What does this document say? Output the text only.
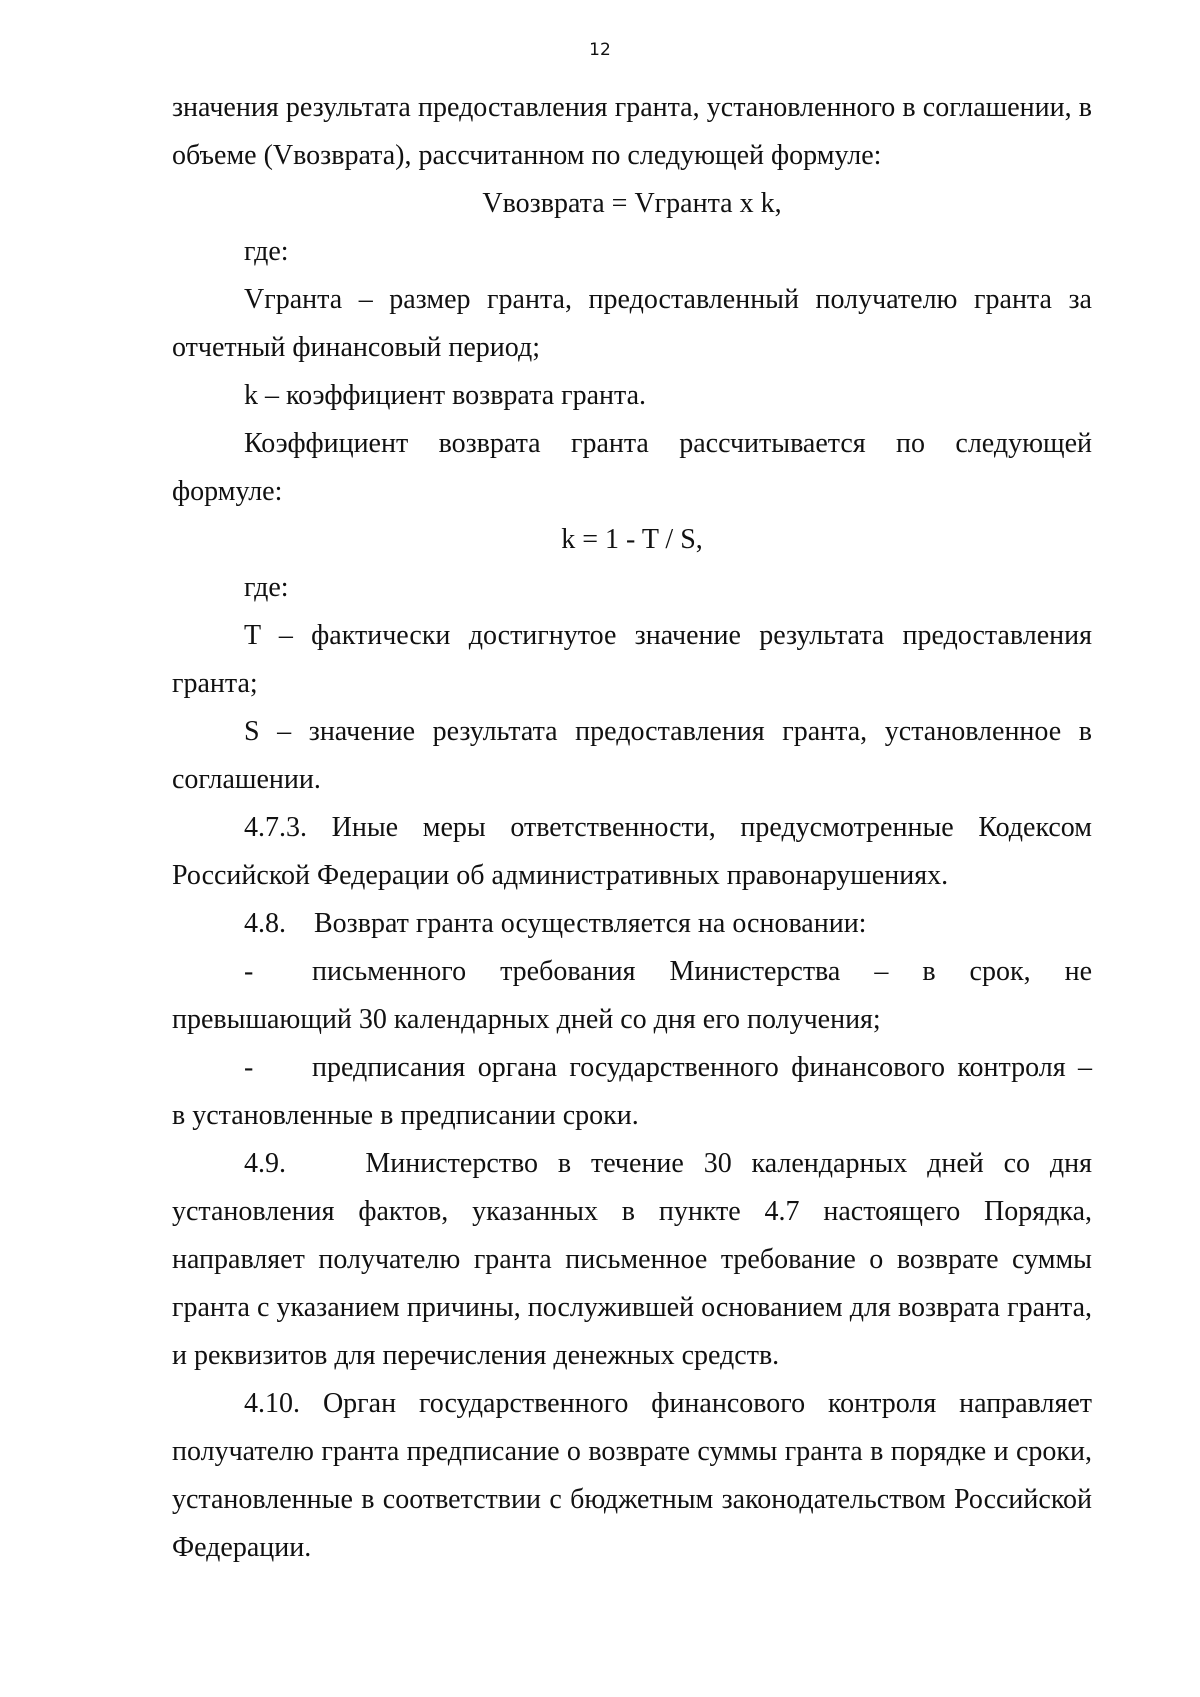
12

значения результата предоставления гранта, установленного в соглашении, в объеме (Vвозврата), рассчитанном по следующей формуле:

Vвозврата = Vгранта x k,

где:

Vгранта – размер гранта, предоставленный получателю гранта за отчетный финансовый период;

k – коэффициент возврата гранта.

Коэффициент возврата гранта рассчитывается по следующей формуле:

k = 1 - T / S,

где:

T – фактически достигнутое значение результата предоставления гранта;

S – значение результата предоставления гранта, установленное в соглашении.

4.7.3. Иные меры ответственности, предусмотренные Кодексом Российской Федерации об административных правонарушениях.

4.8.    Возврат гранта осуществляется на основании:

-	письменного требования Министерства – в срок, не
превышающий 30 календарных дней со дня его получения;
-	предписания органа государственного финансового контроля –
в установленные в предписании сроки.

4.9.    Министерство в течение 30 календарных дней со дня установления фактов, указанных в пункте 4.7 настоящего Порядка, направляет получателю гранта письменное требование о возврате суммы гранта с указанием причины, послужившей основанием для возврата гранта, и реквизитов для перечисления денежных средств.

4.10. Орган государственного финансового контроля направляет получателю гранта предписание о возврате суммы гранта в порядке и сроки, установленные в соответствии с бюджетным законодательством Российской Федерации.
